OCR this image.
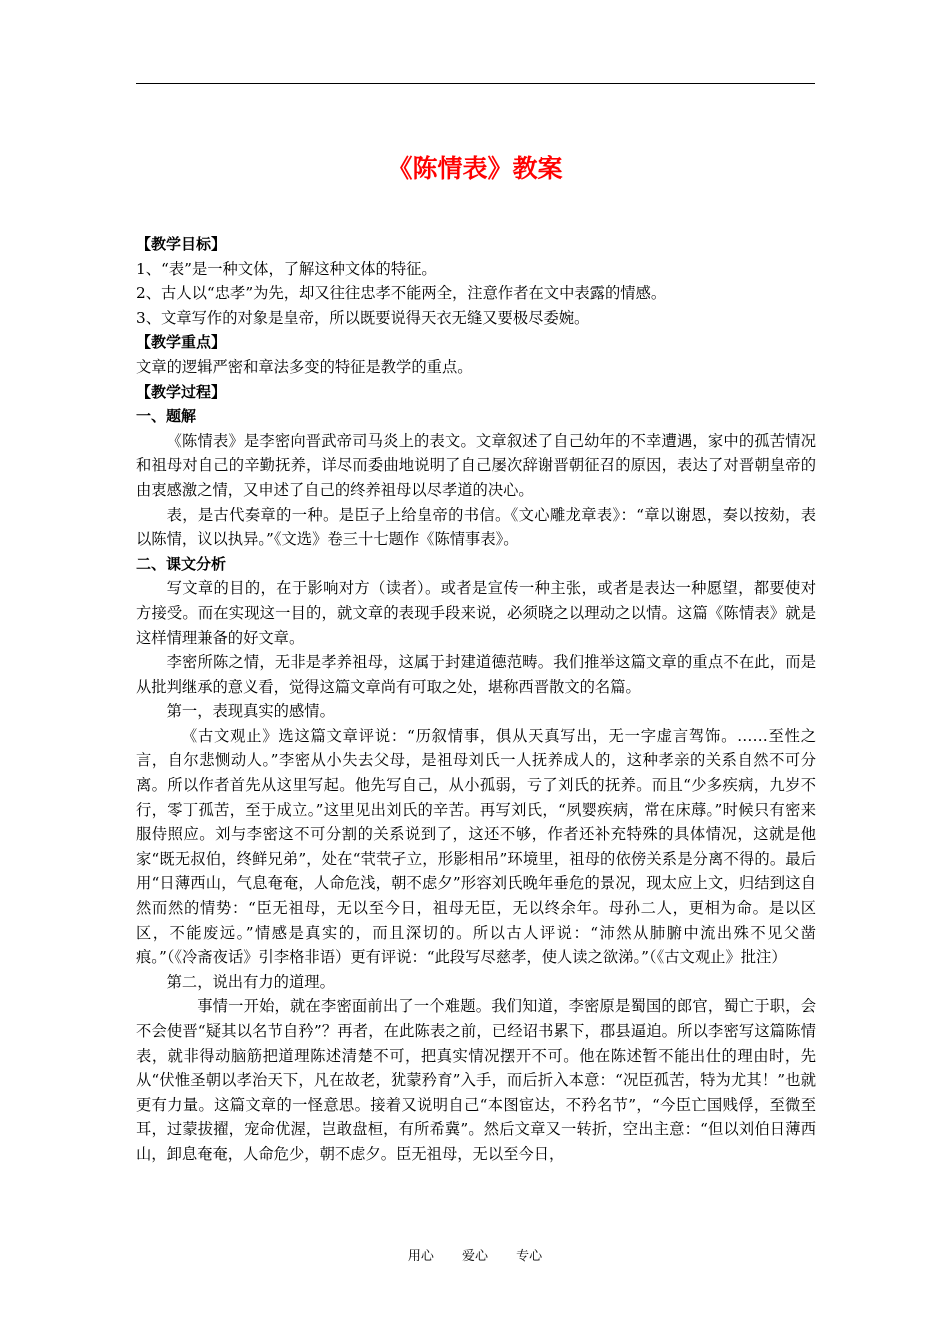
《陈情表》教案

【教学目标】

1、“表”是一种文体，了解这种文体的特征。

2、古人以“忠孝”为先，却又往往忠孝不能两全，注意作者在文中表露的情感。

3、文章写作的对象是皇帝，所以既要说得天衣无缝又要极尽委婉。

【教学重点】

文章的逻辑严密和章法多变的特征是教学的重点。

【教学过程】

一、题解

《陈情表》是李密向晋武帝司马炎上的表文。文章叙述了自己幼年的不幸遭遇，家中的孤苦情况和祖母对自己的辛勤抚养，详尽而委曲地说明了自己屡次辞谢晋朝征召的原因，表达了对晋朝皇帝的由衷感激之情，又申述了自己的终养祖母以尽孝道的决心。

表，是古代奏章的一种。是臣子上给皇帝的书信。《文心雕龙章表》：“章以谢恩，奏以按劾，表以陈情，议以执异。”《文选》卷三十七题作《陈情事表》。

二、课文分析

写文章的目的，在于影响对方（读者）。或者是宣传一种主张，或者是表达一种愿望，都要使对方接受。而在实现这一目的，就文章的表现手段来说，必须晓之以理动之以情。这篇《陈情表》就是这样情理兼备的好文章。

李密所陈之情，无非是孝养祖母，这属于封建道德范畴。我们推举这篇文章的重点不在此，而是从批判继承的意义看，觉得这篇文章尚有可取之处，堪称西晋散文的名篇。

第一，表现真实的感情。

《古文观止》选这篇文章评说：“历叙情事，俱从天真写出，无一字虚言驾饰。……至性之言，自尔悲恻动人。”李密从小失去父母，是祖母刘氏一人抚养成人的，这种孝亲的关系自然不可分离。所以作者首先从这里写起。他先写自己，从小孤弱，亏了刘氏的抚养。而且“少多疾病，九岁不行，零丁孤苦，至于成立。”这里见出刘氏的辛苦。再写刘氏，“夙婴疾病，常在床蓐。”时候只有密来服侍照应。刘与李密这不可分割的关系说到了，这还不够，作者还补充特殊的具体情况，这就是他家“既无叔伯，终鲜兄弟”，处在“茕茕孑立，形影相吊”环境里，祖母的依傍关系是分离不得的。最后用“日薄西山，气息奄奄，人命危浅，朝不虑夕”形容刘氏晚年垂危的景况，现太应上文，归结到这自然而然的情势：“臣无祖母，无以至今日，祖母无臣，无以终余年。母孙二人，更相为命。是以区区，不能废远。”情感是真实的，而且深切的。所以古人评说：“沛然从肺腑中流出殊不见父凿痕。”（《冷斋夜话》引李格非语）更有评说：“此段写尽慈孝，使人读之欲涕。”（《古文观止》批注）

第二，说出有力的道理。

事情一开始，就在李密面前出了一个难题。我们知道，李密原是蜀国的郎官，蜀亡于职，会不会使晋“疑其以名节自矜”？再者，在此陈表之前，已经诏书累下，郡县逼迫。所以李密写这篇陈情表，就非得动脑筋把道理陈述清楚不可，把真实情况摆开不可。他在陈述暂不能出仕的理由时，先从“伏惟圣朝以孝治天下，凡在故老，犹蒙矜育”入手，而后折入本意：“况臣孤苦，特为尤其！”也就更有力量。这篇文章的一怪意思。接着又说明自己“本图宦达，不矜名节”，“今臣亡国贱俘，至微至耳，过蒙拔擢，宠命优渥，岂敢盘桓，有所希冀”。然后文章又一转折，空出主意：“但以刘伯日薄西山，卸息奄奄，人命危少，朝不虑夕。臣无祖母，无以至今日，

用心 爱心 专心
